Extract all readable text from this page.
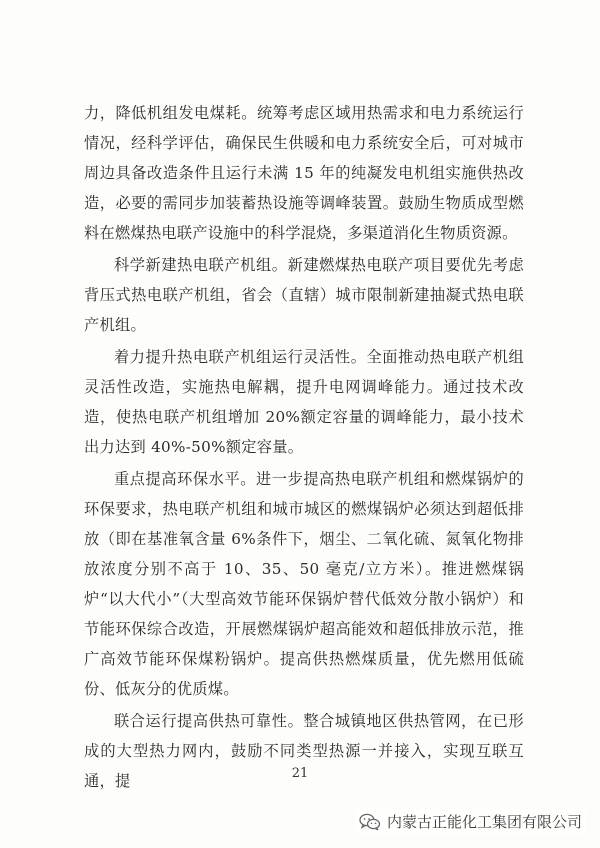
力，降低机组发电煤耗。统筹考虑区域用热需求和电力系统运行情况，经科学评估，确保民生供暖和电力系统安全后，可对城市周边具备改造条件且运行未满 15 年的纯凝发电机组实施供热改造，必要的需同步加装蓄热设施等调峰装置。鼓励生物质成型燃料在燃煤热电联产设施中的科学混烧，多渠道消化生物质资源。

科学新建热电联产机组。新建燃煤热电联产项目要优先考虑背压式热电联产机组，省会（直辖）城市限制新建抽凝式热电联产机组。

着力提升热电联产机组运行灵活性。全面推动热电联产机组灵活性改造，实施热电解耦，提升电网调峰能力。通过技术改造，使热电联产机组增加 20%额定容量的调峰能力，最小技术出力达到 40%-50%额定容量。

重点提高环保水平。进一步提高热电联产机组和燃煤锅炉的环保要求，热电联产机组和城市城区的燃煤锅炉必须达到超低排放（即在基准氧含量 6%条件下，烟尘、二氧化硫、氮氧化物排放浓度分别不高于 10、35、50 毫克/立方米）。推进燃煤锅炉“以大代小”（大型高效节能环保锅炉替代低效分散小锅炉）和节能环保综合改造，开展燃煤锅炉超高能效和超低排放示范，推广高效节能环保煤粉锅炉。提高供热燃煤质量，优先燃用低硫份、低灰分的优质煤。

联合运行提高供热可靠性。整合城镇地区供热管网，在已形成的大型热力网内，鼓励不同类型热源一并接入，实现互联互通，提	21
内蒙古正能化工集团有限公司
